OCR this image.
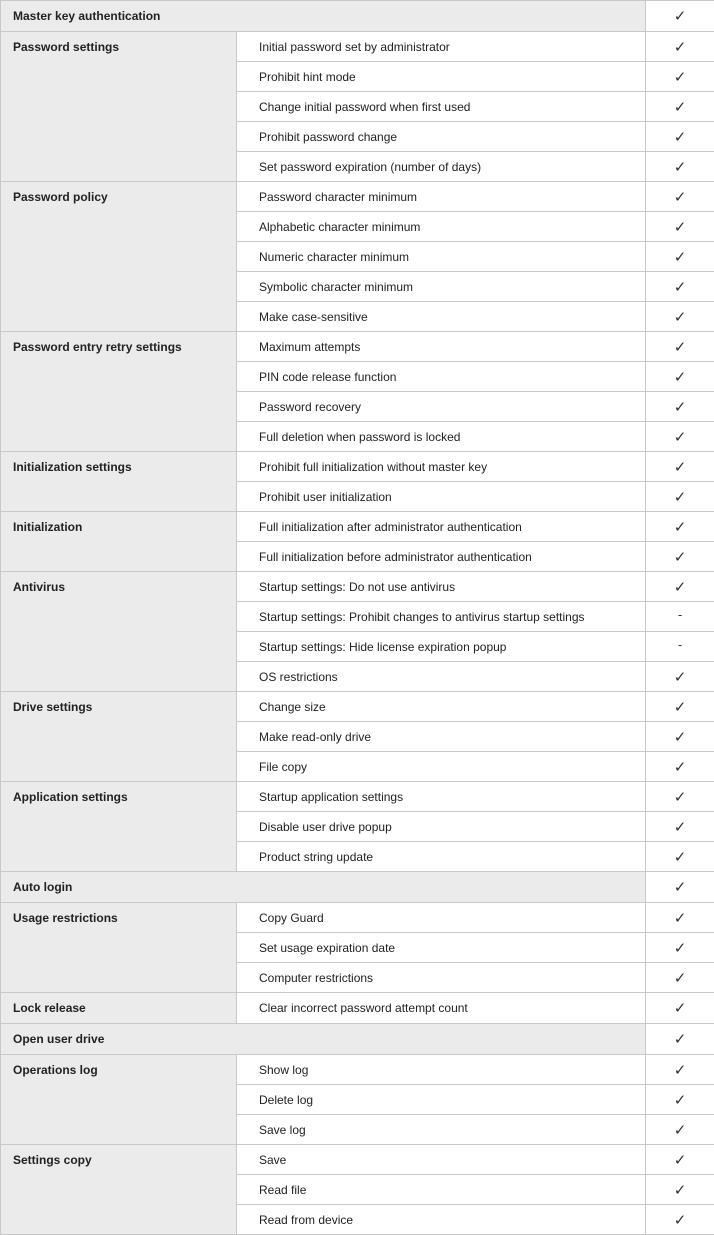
Master key authentication		✓
Password settings	Initial password set by administrator	✓
	Prohibit hint mode	✓
	Change initial password when first used	✓
	Prohibit password change	✓
	Set password expiration (number of days)	✓
Password policy	Password character minimum	✓
	Alphabetic character minimum	✓
	Numeric character minimum	✓
	Symbolic character minimum	✓
	Make case-sensitive	✓
Password entry retry settings	Maximum attempts	✓
	PIN code release function	✓
	Password recovery	✓
	Full deletion when password is locked	✓
Initialization settings	Prohibit full initialization without master key	✓
	Prohibit user initialization	✓
Initialization	Full initialization after administrator authentication	✓
	Full initialization before administrator authentication	✓
Antivirus	Startup settings: Do not use antivirus	✓
	Startup settings: Prohibit changes to antivirus startup settings	-
	Startup settings: Hide license expiration popup	-
	OS restrictions	✓
Drive settings	Change size	✓
	Make read-only drive	✓
	File copy	✓
Application settings	Startup application settings	✓
	Disable user drive popup	✓
	Product string update	✓
Auto login		✓
Usage restrictions	Copy Guard	✓
	Set usage expiration date	✓
	Computer restrictions	✓
Lock release	Clear incorrect password attempt count	✓
Open user drive		✓
Operations log	Show log	✓
	Delete log	✓
	Save log	✓
Settings copy	Save	✓
	Read file	✓
	Read from device	✓
